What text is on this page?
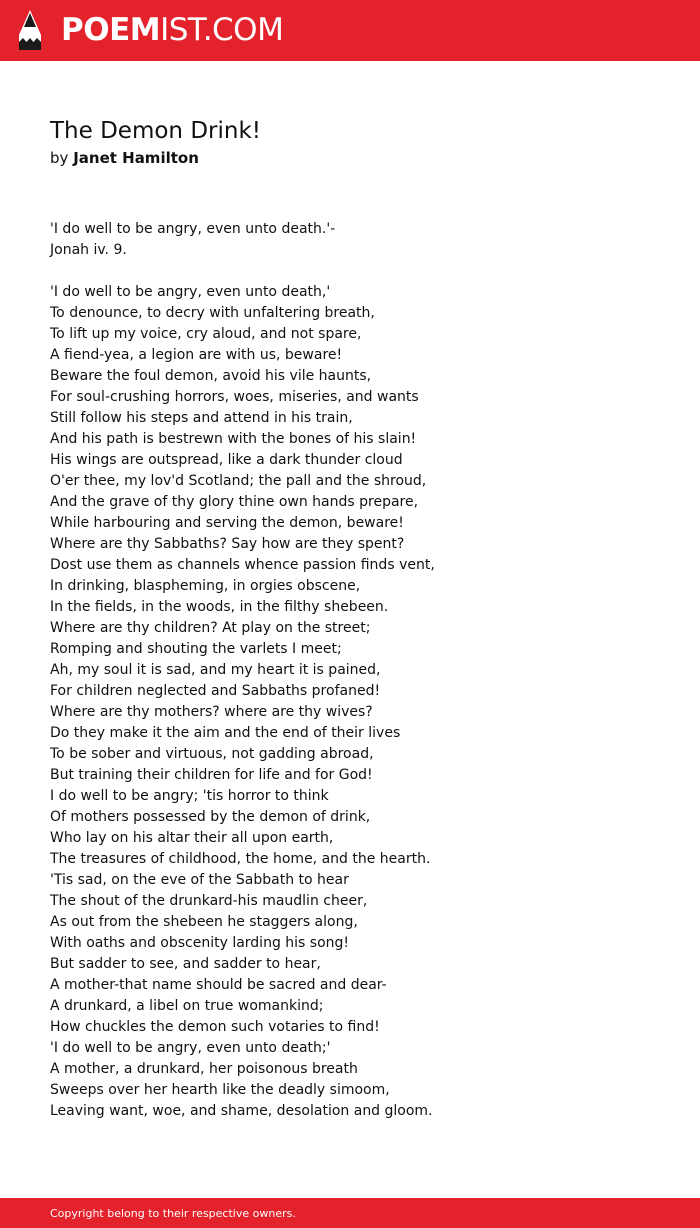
POEMIST.COM
The Demon Drink!
by Janet Hamilton
'I do well to be angry, even unto death.'-
Jonah iv. 9.
'I do well to be angry, even unto death,'
To denounce, to decry with unfaltering breath,
To lift up my voice, cry aloud, and not spare,
A fiend-yea, a legion are with us, beware!
Beware the foul demon, avoid his vile haunts,
For soul-crushing horrors, woes, miseries, and wants
Still follow his steps and attend in his train,
And his path is bestrewn with the bones of his slain!
His wings are outspread, like a dark thunder cloud
O'er thee, my lov'd Scotland; the pall and the shroud,
And the grave of thy glory thine own hands prepare,
While harbouring and serving the demon, beware!
Where are thy Sabbaths? Say how are they spent?
Dost use them as channels whence passion finds vent,
In drinking, blaspheming, in orgies obscene,
In the fields, in the woods, in the filthy shebeen.
Where are thy children? At play on the street;
Romping and shouting the varlets I meet;
Ah, my soul it is sad, and my heart it is pained,
For children neglected and Sabbaths profaned!
Where are thy mothers? where are thy wives?
Do they make it the aim and the end of their lives
To be sober and virtuous, not gadding abroad,
But training their children for life and for God!
I do well to be angry; 'tis horror to think
Of mothers possessed by the demon of drink,
Who lay on his altar their all upon earth,
The treasures of childhood, the home, and the hearth.
'Tis sad, on the eve of the Sabbath to hear
The shout of the drunkard-his maudlin cheer,
As out from the shebeen he staggers along,
With oaths and obscenity larding his song!
But sadder to see, and sadder to hear,
A mother-that name should be sacred and dear-
A drunkard, a libel on true womankind;
How chuckles the demon such votaries to find!
'I do well to be angry, even unto death;'
A mother, a drunkard, her poisonous breath
Sweeps over her hearth like the deadly simoom,
Leaving want, woe, and shame, desolation and gloom.
Copyright belong to their respective owners.
